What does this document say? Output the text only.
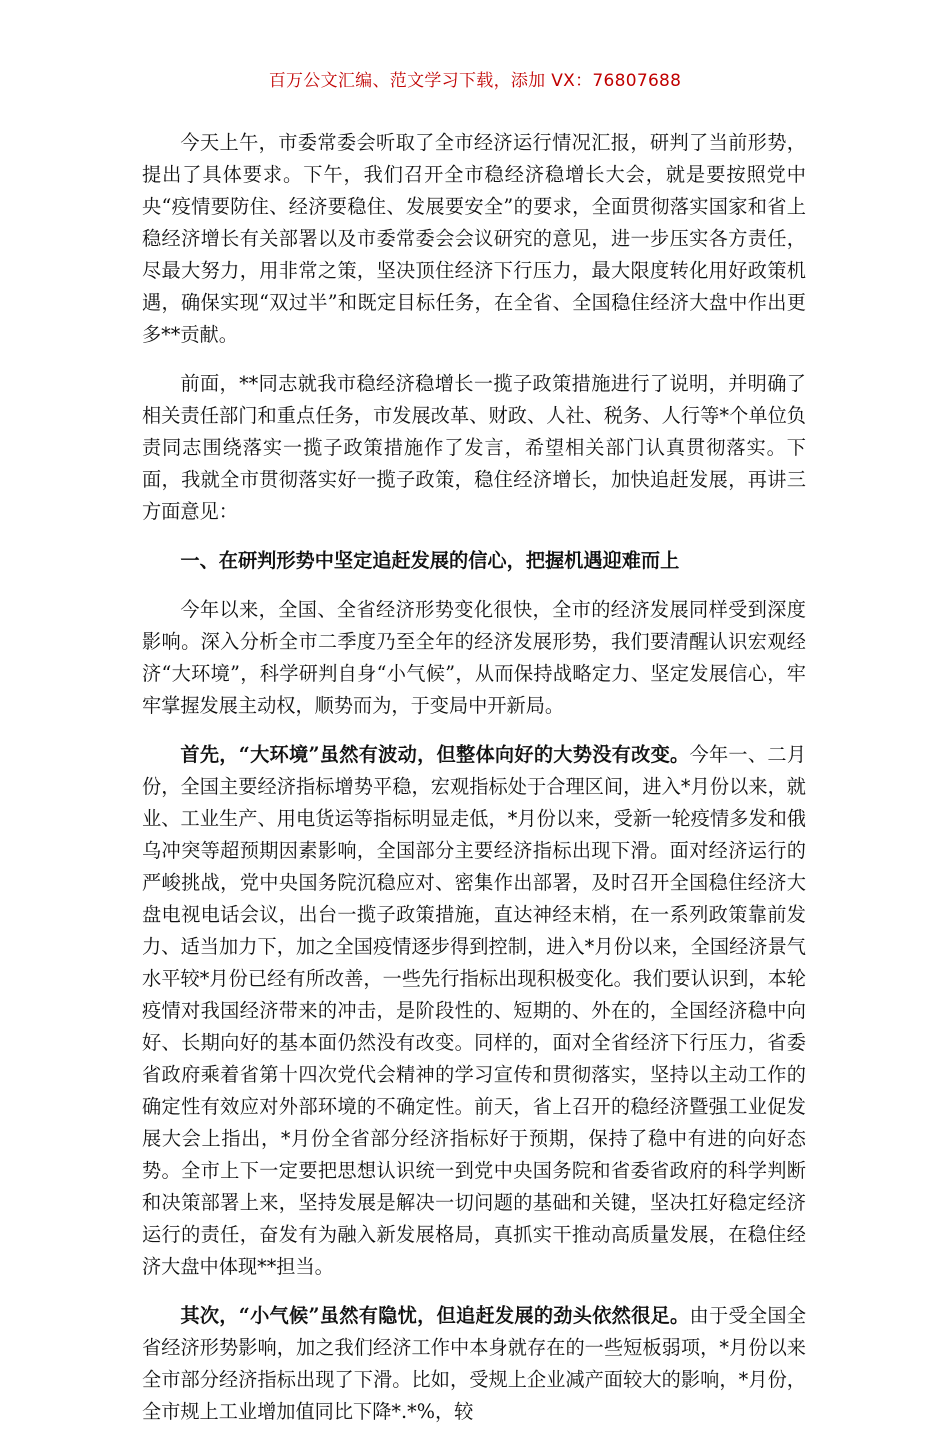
百万公文汇编、范文学习下载，添加 VX：76807688

今天上午，市委常委会听取了全市经济运行情况汇报，研判了当前形势，提出了具体要求。下午，我们召开全市稳经济稳增长大会，就是要按照党中央“疫情要防住、经济要稳住、发展要安全”的要求，全面贯彻落实国家和省上稳经济增长有关部署以及市委常委会会议研究的意见，进一步压实各方责任，尽最大努力，用非常之策，坚决顶住经济下行压力，最大限度转化用好政策机遇，确保实现“双过半”和既定目标任务，在全省、全国稳住经济大盘中作出更多**贡献。

前面，**同志就我市稳经济稳增长一揽子政策措施进行了说明，并明确了相关责任部门和重点任务，市发展改革、财政、人社、税务、人行等*个单位负责同志围绕落实一揽子政策措施作了发言，希望相关部门认真贯彻落实。下面，我就全市贯彻落实好一揽子政策，稳住经济增长，加快追赶发展，再讲三方面意见：

一、在研判形势中坚定追赶发展的信心，把握机遇迎难而上

今年以来，全国、全省经济形势变化很快，全市的经济发展同样受到深度影响。深入分析全市二季度乃至全年的经济发展形势，我们要清醒认识宏观经济“大环境”，科学研判自身“小气候”，从而保持战略定力、坚定发展信心，牢牢掌握发展主动权，顺势而为，于变局中开新局。

首先，“大环境”虽然有波动，但整体向好的大势没有改变。今年一、二月份，全国主要经济指标增势平稳，宏观指标处于合理区间，进入*月份以来，就业、工业生产、用电货运等指标明显走低，*月份以来，受新一轮疫情多发和俄乌冲突等超预期因素影响，全国部分主要经济指标出现下滑。面对经济运行的严峻挑战，党中央国务院沉稳应对、密集作出部署，及时召开全国稳住经济大盘电视电话会议，出台一揽子政策措施，直达神经末梢，在一系列政策靠前发力、适当加力下，加之全国疫情逐步得到控制，进入*月份以来，全国经济景气水平较*月份已经有所改善，一些先行指标出现积极变化。我们要认识到，本轮疫情对我国经济带来的冲击，是阶段性的、短期的、外在的，全国经济稳中向好、长期向好的基本面仍然没有改变。同样的，面对全省经济下行压力，省委省政府乘着省第十四次党代会精神的学习宣传和贯彻落实，坚持以主动工作的确定性有效应对外部环境的不确定性。前天，省上召开的稳经济暨强工业促发展大会上指出，*月份全省部分经济指标好于预期，保持了稳中有进的向好态势。全市上下一定要把思想认识统一到党中央国务院和省委省政府的科学判断和决策部署上来，坚持发展是解决一切问题的基础和关键，坚决扛好稳定经济运行的责任，奋发有为融入新发展格局，真抓实干推动高质量发展，在稳住经济大盘中体现**担当。

其次，“小气候”虽然有隐忧，但追赶发展的劲头依然很足。由于受全国全省经济形势影响，加之我们经济工作中本身就存在的一些短板弱项，*月份以来全市部分经济指标出现了下滑。比如，受规上企业减产面较大的影响，*月份，全市规上工业增加值同比下降*.*%，较
